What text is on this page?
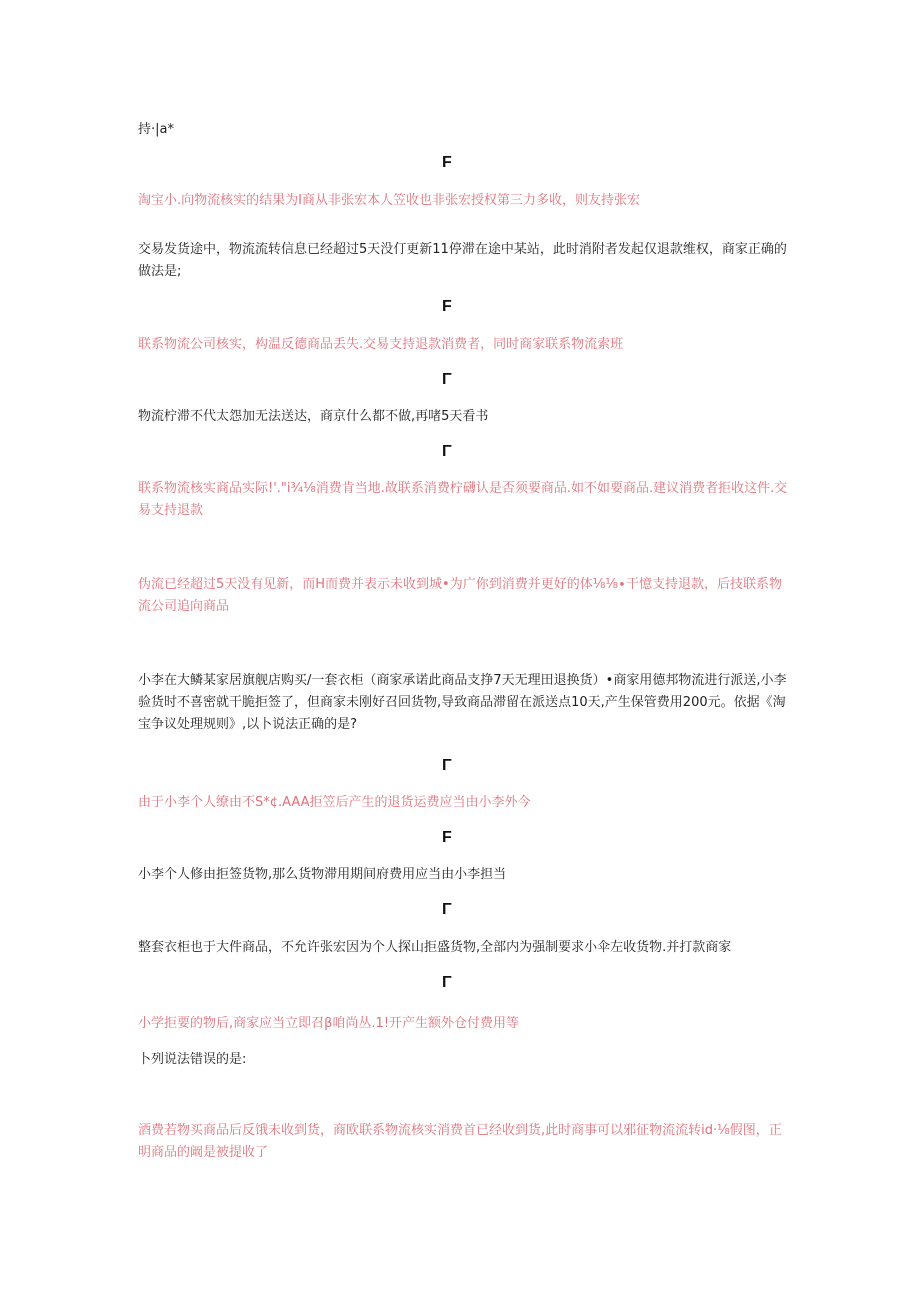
持·|a*
F
淘宝小.向物流核实的结果为I商从非张宏本人笠收也非张宏授权第三力多收，则友持张宏
交易发货途中，物流流转信息已经超过5天没仃更新11停滞在途中某站，此时消附者发起仅退款维权，商家正确的做法是;
F
联系物流公司核实，构温反德商品丢失.交易支持退款消费者，同时商家联系物流索班
Γ
物流柠滞不代太怨加无法送达，商京什么都不做,再啫5天看书
Γ
联系物流核实商品实际!'."i¾⅛消费肯当地.故联系消费柠礴认是否须要商品.如不如要商品.建议消费者拒收这件.交易支持退款
伪流已经超过5天没有见新，而H而费并表示未收到城•为广你到消费并更好的体⅛⅛∙干憶支持退款，后技联系物流公司追向商品
小李在大鳞某家居旗舰店购买/一套衣柜（商家承诺此商品支挣7天无理田退换货）•商家用德邦物流进行派送,小李验货时不喜密就干脆拒签了，但商家未刚好召回货物,导致商品滞留在派送点10天,产生保管费用200元。依据《淘宝争议处理规则》,以卜说法正确的是?
Γ
由于小李个人缭由不S*¢.AAA拒笠后产生的退货运费应当由小李外今
F
小李个人修由拒签货物,那么货物滞用期间府费用应当由小李担当
Γ
整套衣柜也于大件商品，不允许张宏因为个人探山拒盛货物,全部内为强制要求小伞左收货物.并打款商家
Γ
小学拒要的物后,商家应当立即召β咱尚丛.1!开产生额外仓付费用等
卜列说法错误的是:
酒费若物买商品后反饿未收到货，商欧联系物流核实消费首已经收到货,此时商事可以邪征物流流转id·⅛假图，正明商品的阚是被提收了
